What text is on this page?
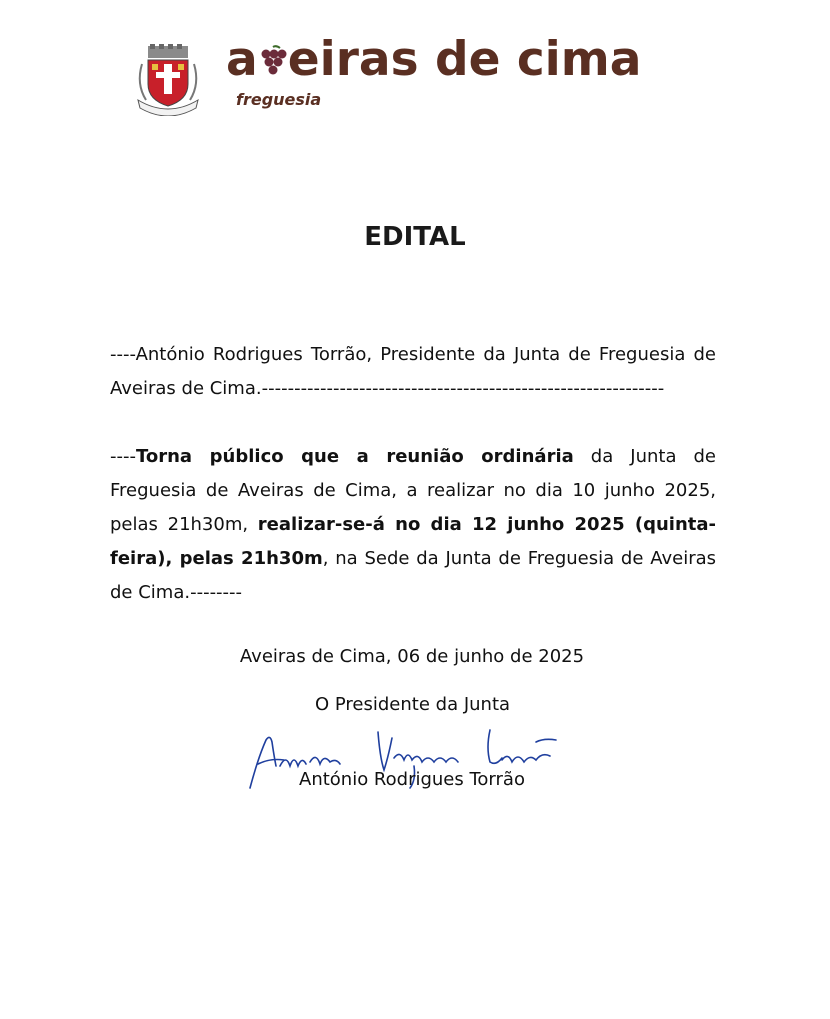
a eiras de cima
freguesia
EDITAL
----António Rodrigues Torrão, Presidente da Junta de Freguesia de Aveiras de Cima.--------------------------------------------------------------
----Torna público que a reunião ordinária da Junta de Freguesia de Aveiras de Cima, a realizar no dia 10 junho 2025, pelas 21h30m, realizar-se-á no dia 12 junho 2025 (quinta-feira), pelas 21h30m, na Sede da Junta de Freguesia de Aveiras de Cima.--------
Aveiras de Cima, 06 de junho de 2025
O Presidente da Junta
António Rodrigues Torrão
